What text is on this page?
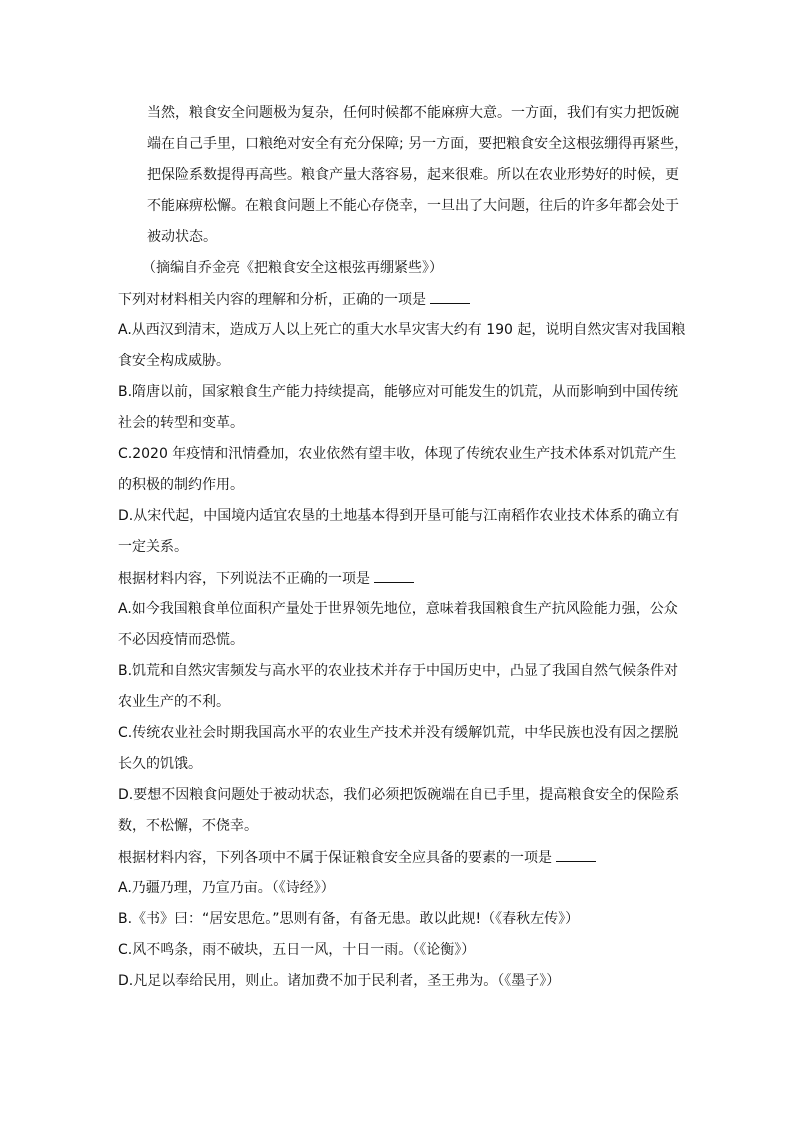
当然，粮食安全问题极为复杂，任何时候都不能麻痹大意。一方面，我们有实力把饭碗
端在自己手里，口粮绝对安全有充分保障; 另一方面，要把粮食安全这根弦绷得再紧些，
把保险系数提得再高些。粮食产量大落容易，起来很难。所以在农业形势好的时候，更
不能麻痹松懈。在粮食问题上不能心存侥幸，一旦出了大问题，往后的许多年都会处于
被动状态。
（摘编自乔金亮《把粮食安全这根弦再绷紧些》）
下列对材料相关内容的理解和分析，正确的一项是
A.从西汉到清末，造成万人以上死亡的重大水旱灾害大约有 190 起，说明自然灾害对我国粮
食安全构成威胁。
B.隋唐以前，国家粮食生产能力持续提高，能够应对可能发生的饥荒，从而影响到中国传统
社会的转型和变革。
C.2020 年疫情和汛情叠加，农业依然有望丰收，体现了传统农业生产技术体系对饥荒产生
的积极的制约作用。
D.从宋代起，中国境内适宜农垦的土地基本得到开垦可能与江南稻作农业技术体系的确立有
一定关系。
根据材料内容，下列说法不正确的一项是
A.如今我国粮食单位面积产量处于世界领先地位，意味着我国粮食生产抗风险能力强，公众
不必因疫情而恐慌。
B.饥荒和自然灾害频发与高水平的农业技术并存于中国历史中，凸显了我国自然气候条件对
农业生产的不利。
C.传统农业社会时期我国高水平的农业生产技术并没有缓解饥荒，中华民族也没有因之摆脱
长久的饥饿。
D.要想不因粮食问题处于被动状态，我们必须把饭碗端在自已手里，提高粮食安全的保险系
数，不松懈，不侥幸。
根据材料内容，下列各项中不属于保证粮食安全应具备的要素的一项是
A.乃疆乃理，乃宣乃亩。（《诗经》）
B.《书》曰：“居安思危。”思则有备，有备无患。敢以此规!（《春秋左传》）
C.风不鸣条，雨不破块，五日一风，十日一雨。（《论衡》）
D.凡足以奉给民用，则止。诸加费不加于民利者，圣王弗为。（《墨子》）
